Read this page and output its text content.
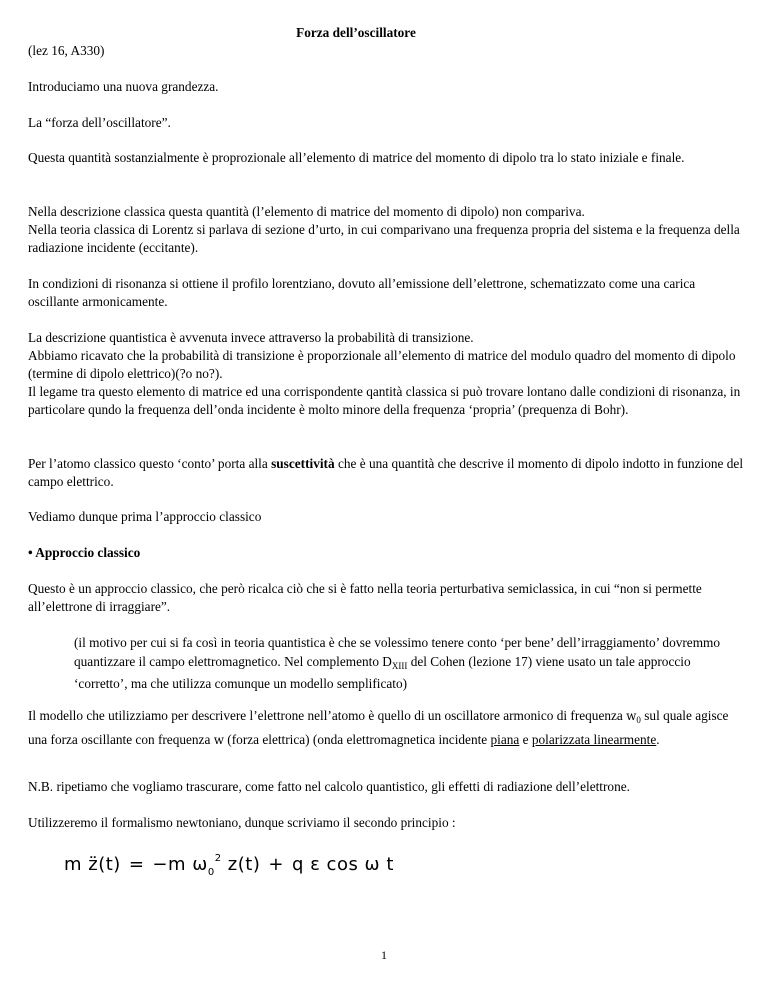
Forza dell’oscillatore

(lez 16, A330)

Introduciamo una nuova grandezza.

La “forza dell’oscillatore”.

Questa quantità sostanzialmente è proprozionale all’elemento di matrice del momento di dipolo tra lo stato iniziale e finale.

Nella descrizione classica questa quantità (l’elemento di matrice del momento di dipolo) non compariva.
Nella teoria classica di Lorentz si parlava di sezione d’urto, in cui comparivano una frequenza propria del sistema e la frequenza della radiazione incidente (eccitante).

In condizioni di risonanza si ottiene il profilo lorentziano, dovuto all’emissione dell’elettrone, schematizzato come una carica oscillante armonicamente.

La descrizione quantistica è avvenuta invece attraverso la probabilità di transizione.
Abbiamo ricavato che la probabilità di transizione è proporzionale all’elemento di matrice del modulo quadro del momento di dipolo (termine di dipolo elettrico)(?o no?).
Il legame tra questo elemento di matrice ed una corrispondente qantità classica si può trovare lontano dalle condizioni di risonanza, in particolare qundo la frequenza dell’onda incidente è molto minore della frequenza ‘propria’ (prequenza di Bohr).

Per l’atomo classico questo ‘conto’ porta alla suscettività che è una quantità che descrive il momento di dipolo indotto in funzione del campo elettrico.

Vediamo dunque prima l’approccio classico

• Approccio classico

Questo è un approccio classico, che però ricalca ciò che si è fatto nella teoria perturbativa semiclassica, in cui “non si permette all’elettrone di irraggiare”.

(il motivo per cui si fa così in teoria quantistica è che se volessimo tenere conto ‘per bene’ dell’irraggiamento’ dovremmo quantizzare il campo elettromagnetico. Nel complemento $D_{XIII}$ del Cohen (lezione 17) viene usato un tale approccio ‘corretto’, ma che utilizza comunque un modello semplificato)

Il modello che utilizziamo per descrivere l’elettrone nell’atomo è quello di un oscillatore armonico di frequenza $w_0$ sul quale agisce una forza oscillante con frequenza w (forza elettrica) (onda elettromagnetica incidente piana e polarizzata linearmente.

N.B. ripetiamo che vogliamo trascurare, come fatto nel calcolo quantistico, gli effetti di radiazione dell’elettrone.

Utilizzeremo il formalismo newtoniano, dunque scriviamo il secondo principio :

m z̈(t) = −m $\omega_0^2$ z(t) + q ε cos ω t
1
